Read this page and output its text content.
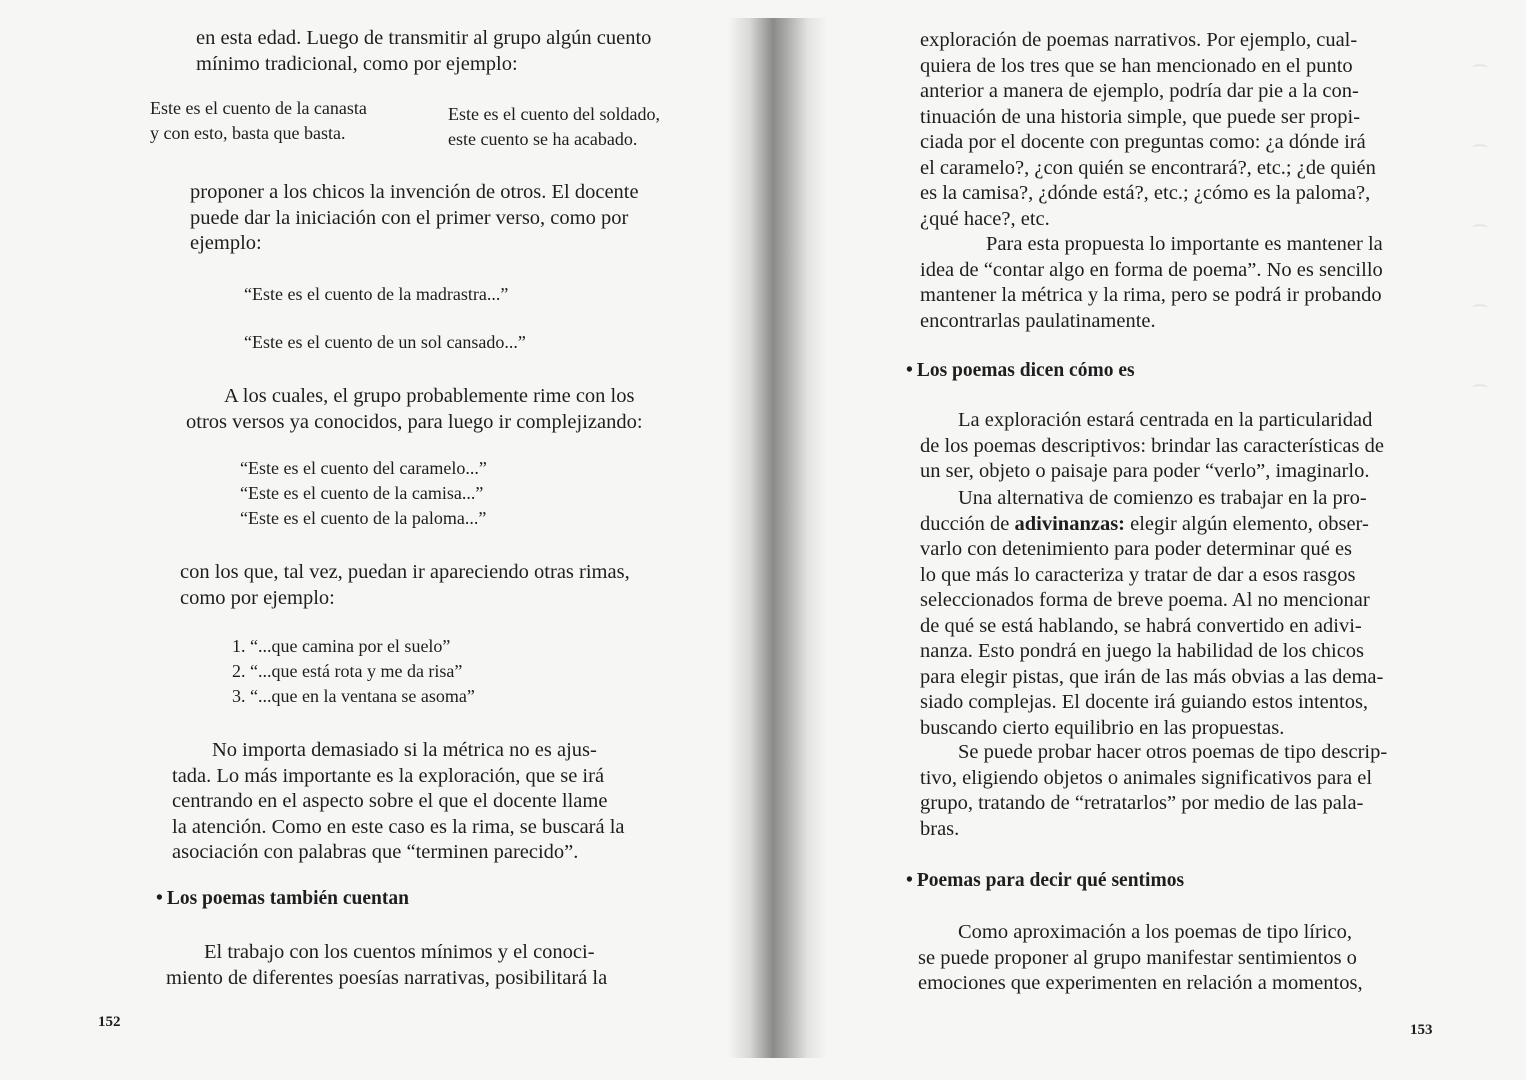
en esta edad. Luego de transmitir al grupo algún cuento
mínimo tradicional, como por ejemplo:

Este es el cuento de la canasta
y con esto, basta que basta.
Este es el cuento del soldado,
este cuento se ha acabado.

proponer a los chicos la invención de otros. El docente
puede dar la iniciación con el primer verso, como por
ejemplo:

“Este es el cuento de la madrastra...”
“Este es el cuento de un sol cansado...”

A los cuales, el grupo probablemente rime con los
otros versos ya conocidos, para luego ir complejizando:

“Este es el cuento del caramelo...”
“Este es el cuento de la camisa...”
“Este es el cuento de la paloma...”

con los que, tal vez, puedan ir apareciendo otras rimas,
como por ejemplo:

1. “...que camina por el suelo”
2. “...que está rota y me da risa”
3. “...que en la ventana se asoma”

No importa demasiado si la métrica no es ajus-
tada. Lo más importante es la exploración, que se irá
centrando en el aspecto sobre el que el docente llame
la atención. Como en este caso es la rima, se buscará la
asociación con palabras que “terminen parecido”.

• Los poemas también cuentan

El trabajo con los cuentos mínimos y el conoci-
miento de diferentes poesías narrativas, posibilitará la

152

exploración de poemas narrativos. Por ejemplo, cual-
quiera de los tres que se han mencionado en el punto
anterior a manera de ejemplo, podría dar pie a la con-
tinuación de una historia simple, que puede ser propi-
ciada por el docente con preguntas como: ¿a dónde irá
el caramelo?, ¿con quién se encontrará?, etc.; ¿de quién
es la camisa?, ¿dónde está?, etc.; ¿cómo es la paloma?,
¿qué hace?, etc.

Para esta propuesta lo importante es mantener la
idea de “contar algo en forma de poema”. No es sencillo
mantener la métrica y la rima, pero se podrá ir probando
encontrarlas paulatinamente.

• Los poemas dicen cómo es

La exploración estará centrada en la particularidad
de los poemas descriptivos: brindar las características de
un ser, objeto o paisaje para poder “verlo”, imaginarlo.

Una alternativa de comienzo es trabajar en la pro-
ducción de adivinanzas: elegir algún elemento, obser-
varlo con detenimiento para poder determinar qué es
lo que más lo caracteriza y tratar de dar a esos rasgos
seleccionados forma de breve poema. Al no mencionar
de qué se está hablando, se habrá convertido en adivi-
nanza. Esto pondrá en juego la habilidad de los chicos
para elegir pistas, que irán de las más obvias a las dema-
siado complejas. El docente irá guiando estos intentos,
buscando cierto equilibrio en las propuestas.

Se puede probar hacer otros poemas de tipo descrip-
tivo, eligiendo objetos o animales significativos para el
grupo, tratando de “retratarlos” por medio de las pala-
bras.

• Poemas para decir qué sentimos

Como aproximación a los poemas de tipo lírico,
se puede proponer al grupo manifestar sentimientos o
emociones que experimenten en relación a momentos,

153
⌒
⌒
⌒
⌒
⌒
